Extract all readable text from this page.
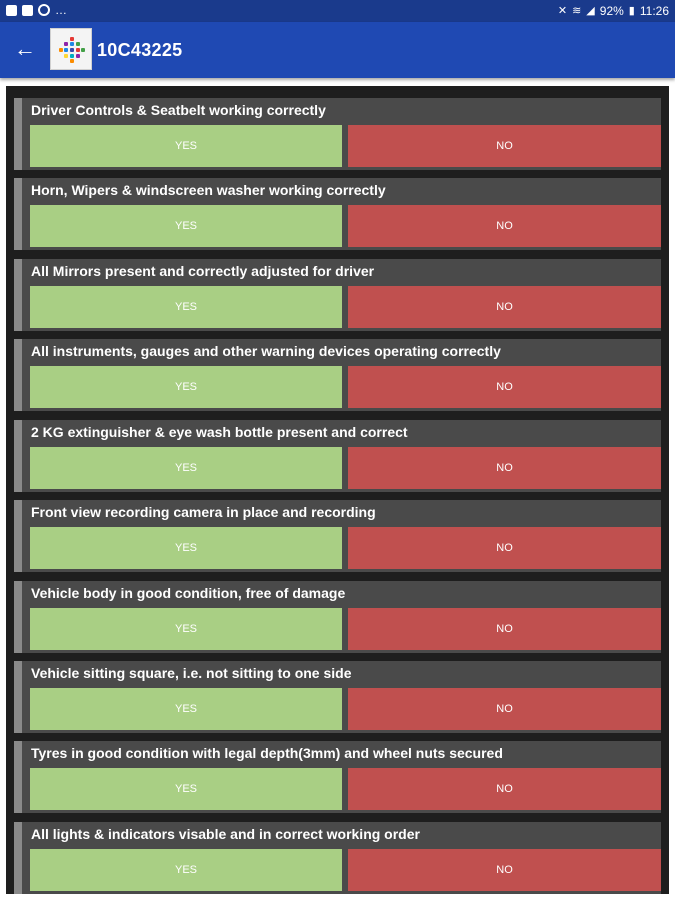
…	✕ ≋ ◢ 92% ▮ 11:26
←	10C43225
Driver Controls & Seatbelt working correctly
YES	NO
Horn, Wipers & windscreen washer working correctly
YES	NO
All Mirrors present and correctly adjusted for driver
YES	NO
All instruments, gauges and other warning devices operating correctly
YES	NO
2 KG extinguisher & eye wash bottle present and correct
YES	NO
Front view recording camera in place and recording
YES	NO
Vehicle body in good condition, free of damage
YES	NO
Vehicle sitting square, i.e. not sitting to one side
YES	NO
Tyres in good condition with legal depth(3mm) and wheel nuts secured
YES	NO
All lights & indicators visable and in correct working order
YES	NO
